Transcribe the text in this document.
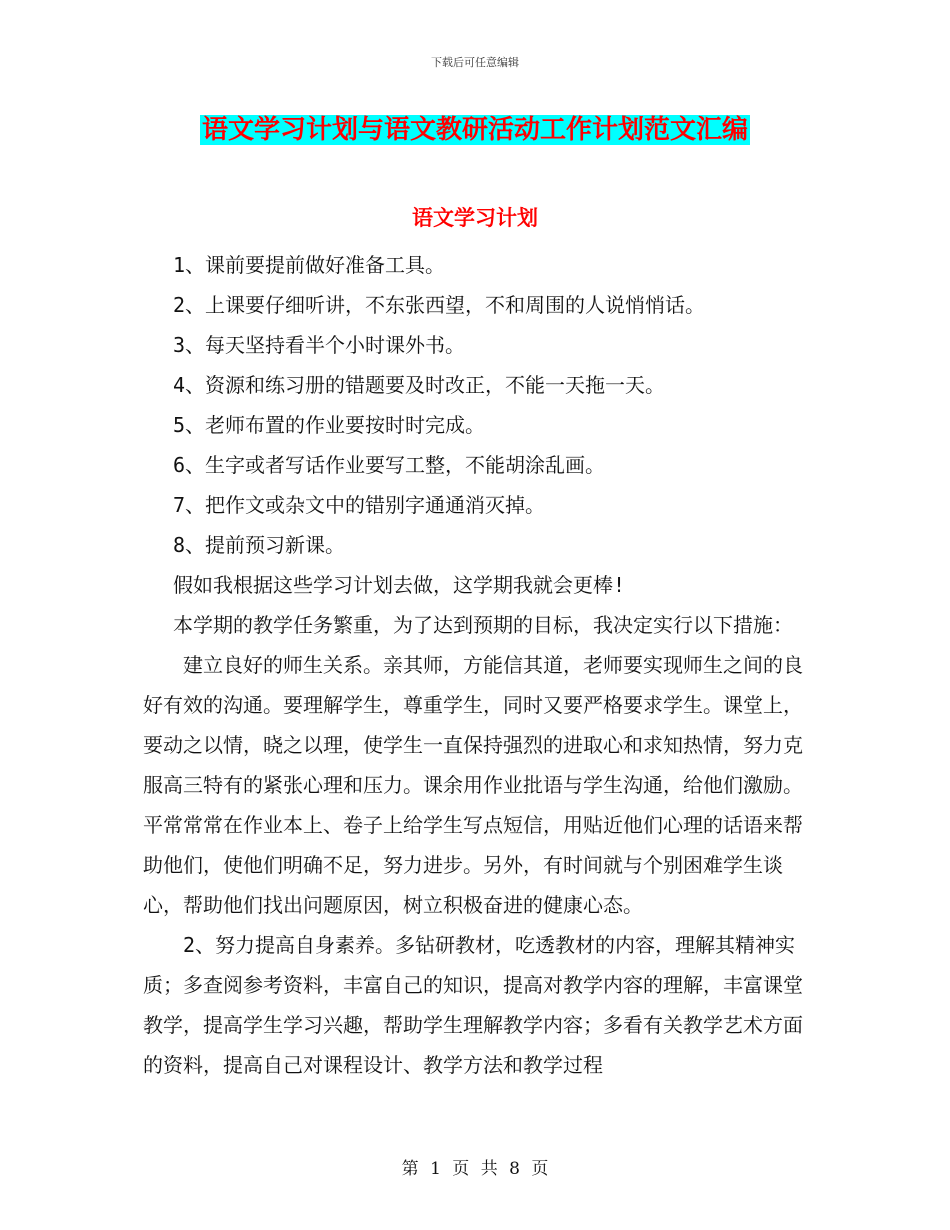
下载后可任意编辑
语文学习计划与语文教研活动工作计划范文汇编
语文学习计划

1、课前要提前做好准备工具。

2、上课要仔细听讲，不东张西望，不和周围的人说悄悄话。

3、每天坚持看半个小时课外书。

4、资源和练习册的错题要及时改正，不能一天拖一天。

5、老师布置的作业要按时时完成。

6、生字或者写话作业要写工整，不能胡涂乱画。

7、把作文或杂文中的错别字通通消灭掉。

8、提前预习新课。

假如我根据这些学习计划去做，这学期我就会更棒!

本学期的教学任务繁重，为了达到预期的目标，我决定实行以下措施：

建立良好的师生关系。亲其师，方能信其道，老师要实现师生之间的良好有效的沟通。要理解学生，尊重学生，同时又要严格要求学生。课堂上，要动之以情，晓之以理，使学生一直保持强烈的进取心和求知热情，努力克服高三特有的紧张心理和压力。课余用作业批语与学生沟通，给他们激励。平常常常在作业本上、卷子上给学生写点短信，用贴近他们心理的话语来帮助他们，使他们明确不足，努力进步。另外，有时间就与个别困难学生谈心，帮助他们找出问题原因，树立积极奋进的健康心态。

2、努力提高自身素养。多钻研教材，吃透教材的内容，理解其精神实质；多查阅参考资料，丰富自己的知识，提高对教学内容的理解，丰富课堂教学，提高学生学习兴趣，帮助学生理解教学内容；多看有关教学艺术方面的资料，提高自己对课程设计、教学方法和教学过程

第 1 页 共 8 页
